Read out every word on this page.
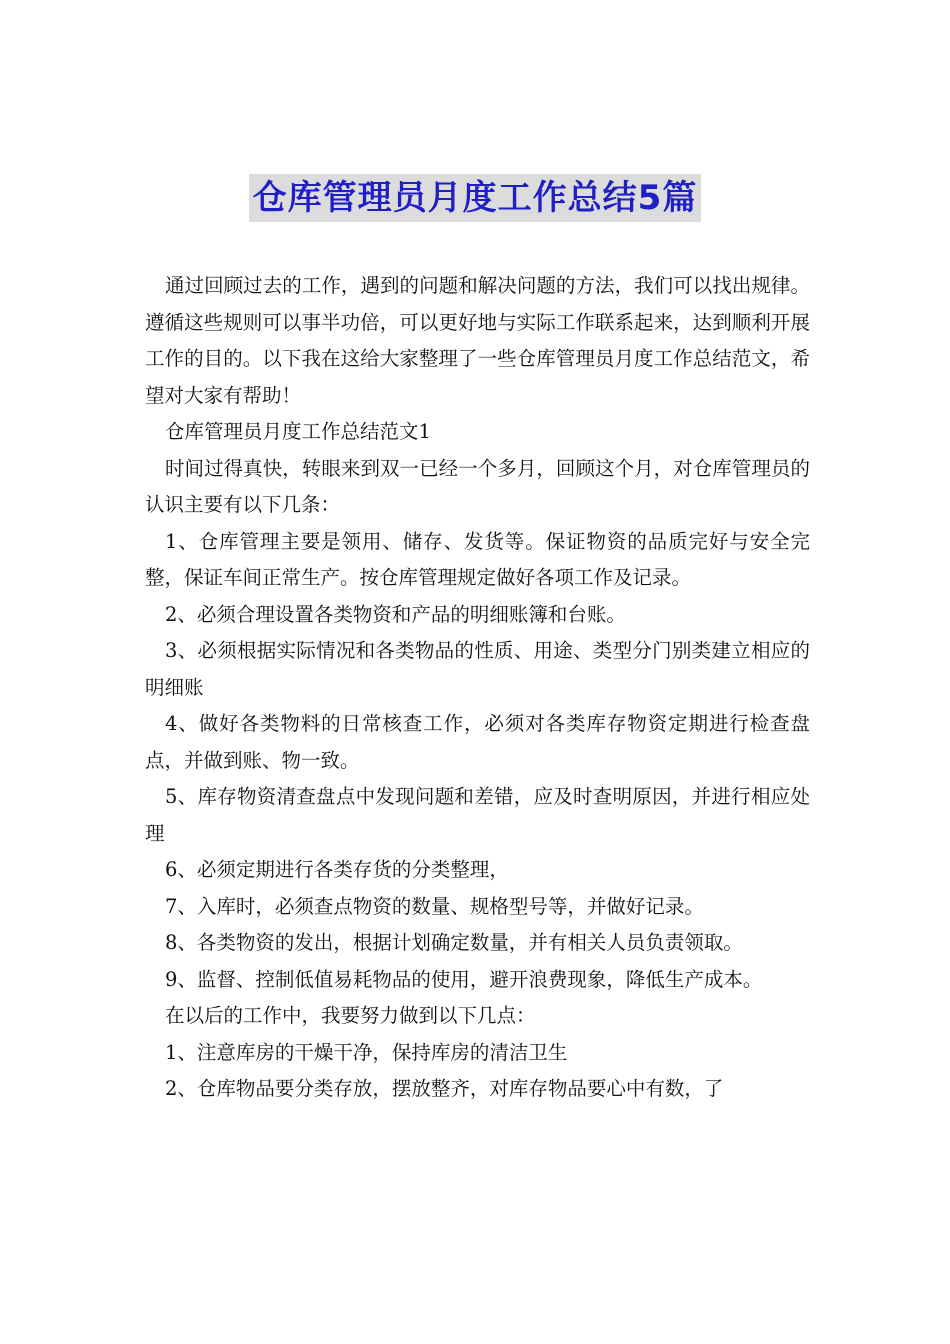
仓库管理员月度工作总结5篇

通过回顾过去的工作，遇到的问题和解决问题的方法，我们可以找出规律。遵循这些规则可以事半功倍，可以更好地与实际工作联系起来，达到顺利开展工作的目的。以下我在这给大家整理了一些仓库管理员月度工作总结范文，希望对大家有帮助！

仓库管理员月度工作总结范文1

时间过得真快，转眼来到双一已经一个多月，回顾这个月，对仓库管理员的认识主要有以下几条：

1、仓库管理主要是领用、储存、发货等。保证物资的品质完好与安全完整，保证车间正常生产。按仓库管理规定做好各项工作及记录。

2、必须合理设置各类物资和产品的明细账簿和台账。

3、必须根据实际情况和各类物品的性质、用途、类型分门别类建立相应的明细账

4、做好各类物料的日常核查工作，必须对各类库存物资定期进行检查盘点，并做到账、物一致。

5、库存物资清查盘点中发现问题和差错，应及时查明原因，并进行相应处理

6、必须定期进行各类存货的分类整理，

7、入库时，必须查点物资的数量、规格型号等，并做好记录。

8、各类物资的发出，根据计划确定数量，并有相关人员负责领取。

9、监督、控制低值易耗物品的使用，避开浪费现象，降低生产成本。

在以后的工作中，我要努力做到以下几点：

1、注意库房的干燥干净，保持库房的清洁卫生

2、仓库物品要分类存放，摆放整齐，对库存物品要心中有数，了
